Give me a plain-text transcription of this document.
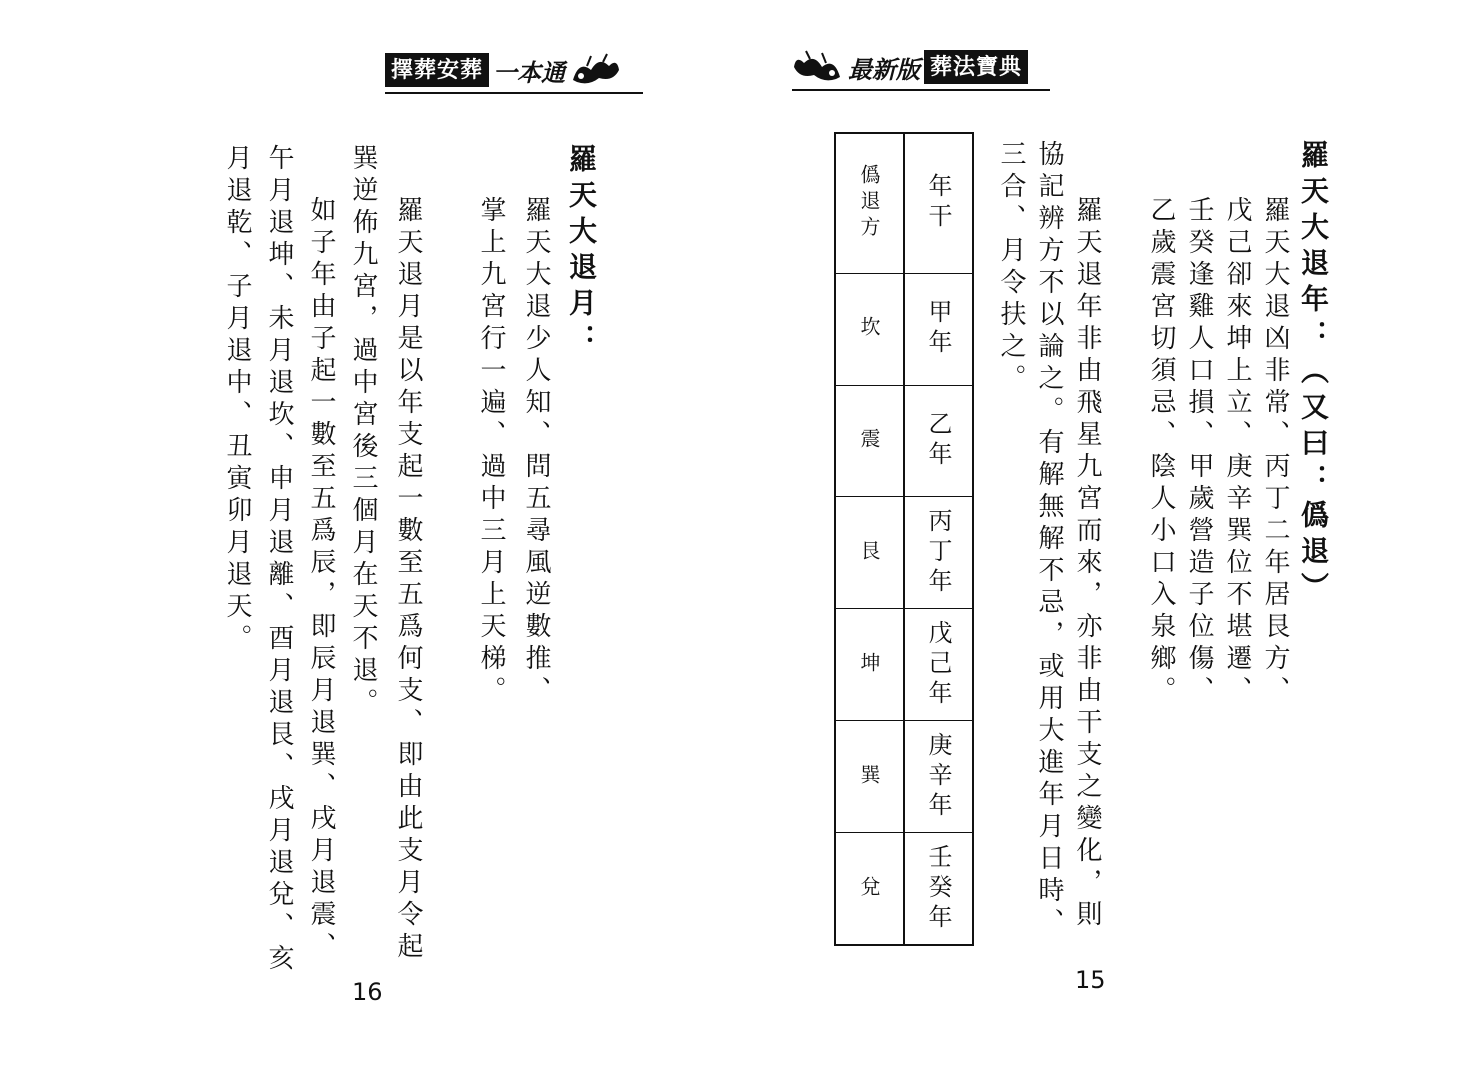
擇葬安葬 一本通
羅天大退月：
羅天大退少人知、問五尋風逆數推、
掌上九宮行一遍、過中三月上天梯。
羅天退月是以年支起一數至五爲何支、即由此支月令起
巽逆佈九宮，過中宮後三個月在天不退。
如子年由子起一數至五爲辰，即辰月退巽、戌月退震、
午月退坤、未月退坎、申月退離、酉月退艮、戌月退兌、亥
月退乾、子月退中、丑寅卯月退天。
16
最新版 葬法寶典
年干
甲年
乙年
丙丁年
戊己年
庚辛年
壬癸年
僞退方
坎
震
艮
坤
巽
兌
羅天大退年：（又曰：僞退）
羅天大退凶非常、丙丁二年居艮方、
戊己卻來坤上立、庚辛巽位不堪遷、
壬癸逢雞人口損、甲歲營造子位傷、
乙歲震宮切須忌、陰人小口入泉鄉。
羅天退年非由飛星九宮而來，亦非由干支之變化，則
協記辨方不以論之。有解無解不忌，或用大進年月日時、
三合、月令扶之。
15
